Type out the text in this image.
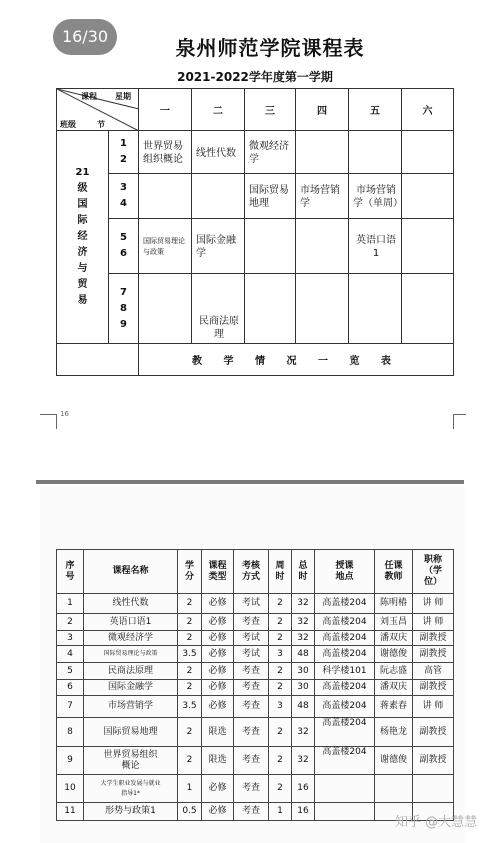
16/30	泉州师范学院课程表
2021-2022学年度第一学期
课程 星期
班级 节		一	二	三	四	五	六

21级国际经济与贸易	1 2	世界贸易组织概论	线性代数	微观经济学			

	3 4			国际贸易地理	市场营销学	市场营销学（单周）	

	5 6	国际贸易理论与政策	国际金融学			英语口语1	

	7 8 9		民商法原理				

		教 学 情 况 一 览 表					
16
序号	课程名称	学分	课程类型	考核方式	周时	总时	授课地点	任课教师	职称（学位）

1	线性代数	2	必修	考试	2	32	高盖楼204	陈明椿	讲 师
2	英语口语1	2	必修	考查	2	32	高盖楼204	刘玉昌	讲 师
3	微观经济学	2	必修	考试	2	32	高盖楼204	潘双庆	副教授
4	国际贸易理论与政策	3.5	必修	考试	3	48	高盖楼204	谢德俊	副教授
5	民商法原理	2	必修	考查	2	30	科学楼101	阮志盛	高管
6	国际金融学	2	必修	考查	2	30	高盖楼204	潘双庆	副教授
7	市场营销学	3.5	必修	考查	3	48	高盖楼204	蒋素春	讲 师
8	国际贸易地理	2	限选	考查	2	32	高盖楼204	杨艳龙	副教授
9	世界贸易组织概论	2	限选	考查	2	32	高盖楼204	谢德俊	副教授
10	大学生职业发展与就业指导1*	1	必修	考查	2	16			
11	形势与政策1	0.5	必修	考查	1	16			
知乎 @大慧慧
